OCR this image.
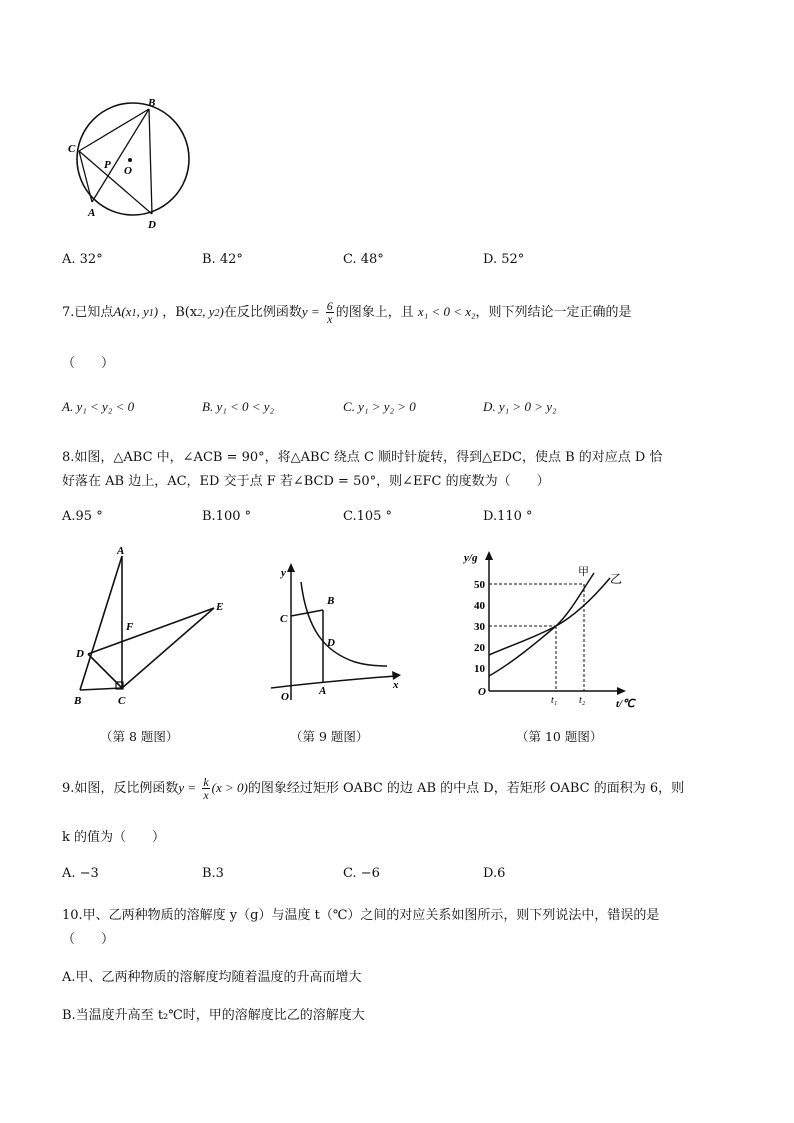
B
C
P O
A
D
A. 32°	B. 42°	C. 48°	D. 52°
7.已知点A(x1, y1) ，B(x2, y2)在反比例函数$y = \frac{6}{x}$ 的图象上，且 x₁ < 0 < x₂，则下列结论一定正确的是
（　　）
A. y₁ < y₂ < 0	B. y₁ < 0 < y₂	C. y₁ > y₂ > 0	D. y₁ > 0 > y₂
8.如图，△ABC 中，∠ACB = 90°，将△ABC 绕点 C 顺时针旋转，得到△EDC，使点 B 的对应点 D 恰
好落在 AB 边上，AC，ED 交于点 F 若∠BCD = 50°，则∠EFC 的度数为（　　）
A.95 °	B.100 °	C.105 °	D.110 °
A
E
F
D
B	C
（第 8 题图）
y
B
C
D
O	A	x
（第 9 题图）
y/g
t/℃
O
50
40
30
20
10
甲 乙
t₁ t₂
（第 10 题图）
9.如图，反比例函数$y = \frac{k}{x} (x > 0)$的图象经过矩形 OABC 的边 AB 的中点 D，若矩形 OABC 的面积为 6，则
k 的值为（　　）
A. −3	B.3	C. −6	D.6
10.甲、乙两种物质的溶解度 y（g）与温度 t（℃）之间的对应关系如图所示，则下列说法中，错误的是
（　　）
A.甲、乙两种物质的溶解度均随着温度的升高而增大
B.当温度升高至 t₂℃时，甲的溶解度比乙的溶解度大
